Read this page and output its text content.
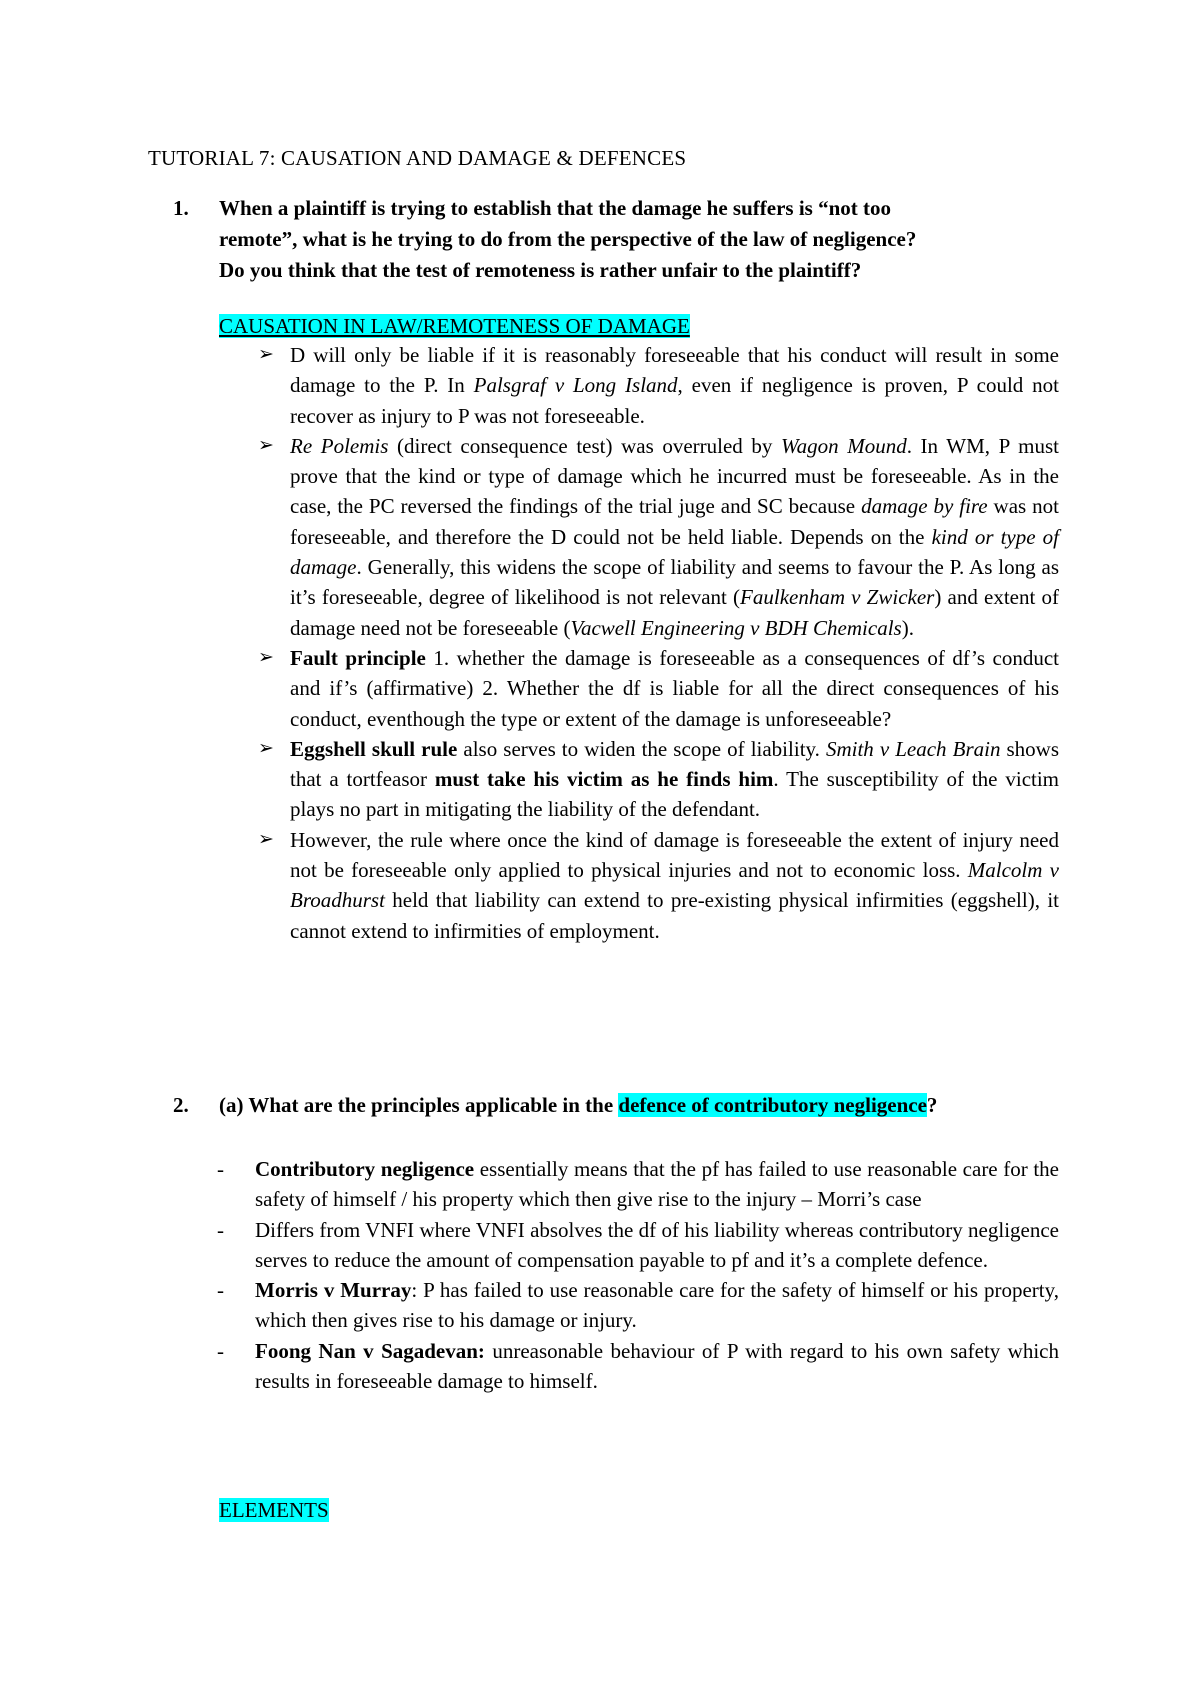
TUTORIAL 7: CAUSATION AND DAMAGE & DEFENCES
1. When a plaintiff is trying to establish that the damage he suffers is “not too
remote”, what is he trying to do from the perspective of the law of negligence?
Do you think that the test of remoteness is rather unfair to the plaintiff?
CAUSATION IN LAW/REMOTENESS OF DAMAGE
➢ D will only be liable if it is reasonably foreseeable that his conduct will result in some damage to the P. In Palsgraf v Long Island, even if negligence is proven, P could not recover as injury to P was not foreseeable.
➢ Re Polemis (direct consequence test) was overruled by Wagon Mound. In WM, P must prove that the kind or type of damage which he incurred must be foreseeable. As in the case, the PC reversed the findings of the trial juge and SC because damage by fire was not foreseeable, and therefore the D could not be held liable. Depends on the kind or type of damage. Generally, this widens the scope of liability and seems to favour the P. As long as it’s foreseeable, degree of likelihood is not relevant (Faulkenham v Zwicker) and extent of damage need not be foreseeable (Vacwell Engineering v BDH Chemicals).
➢ Fault principle 1. whether the damage is foreseeable as a consequences of df’s conduct and if’s (affirmative) 2. Whether the df is liable for all the direct consequences of his conduct, eventhough the type or extent of the damage is unforeseeable?
➢ Eggshell skull rule also serves to widen the scope of liability. Smith v Leach Brain shows that a tortfeasor must take his victim as he finds him. The susceptibility of the victim plays no part in mitigating the liability of the defendant.
➢ However, the rule where once the kind of damage is foreseeable the extent of injury need not be foreseeable only applied to physical injuries and not to economic loss. Malcolm v Broadhurst held that liability can extend to pre-existing physical infirmities (eggshell), it cannot extend to infirmities of employment.
2. (a) What are the principles applicable in the defence of contributory negligence?
- Contributory negligence essentially means that the pf has failed to use reasonable care for the safety of himself / his property which then give rise to the injury – Morri’s case
- Differs from VNFI where VNFI absolves the df of his liability whereas contributory negligence serves to reduce the amount of compensation payable to pf and it’s a complete defence.
- Morris v Murray: P has failed to use reasonable care for the safety of himself or his property, which then gives rise to his damage or injury.
- Foong Nan v Sagadevan: unreasonable behaviour of P with regard to his own safety which results in foreseeable damage to himself.
ELEMENTS
